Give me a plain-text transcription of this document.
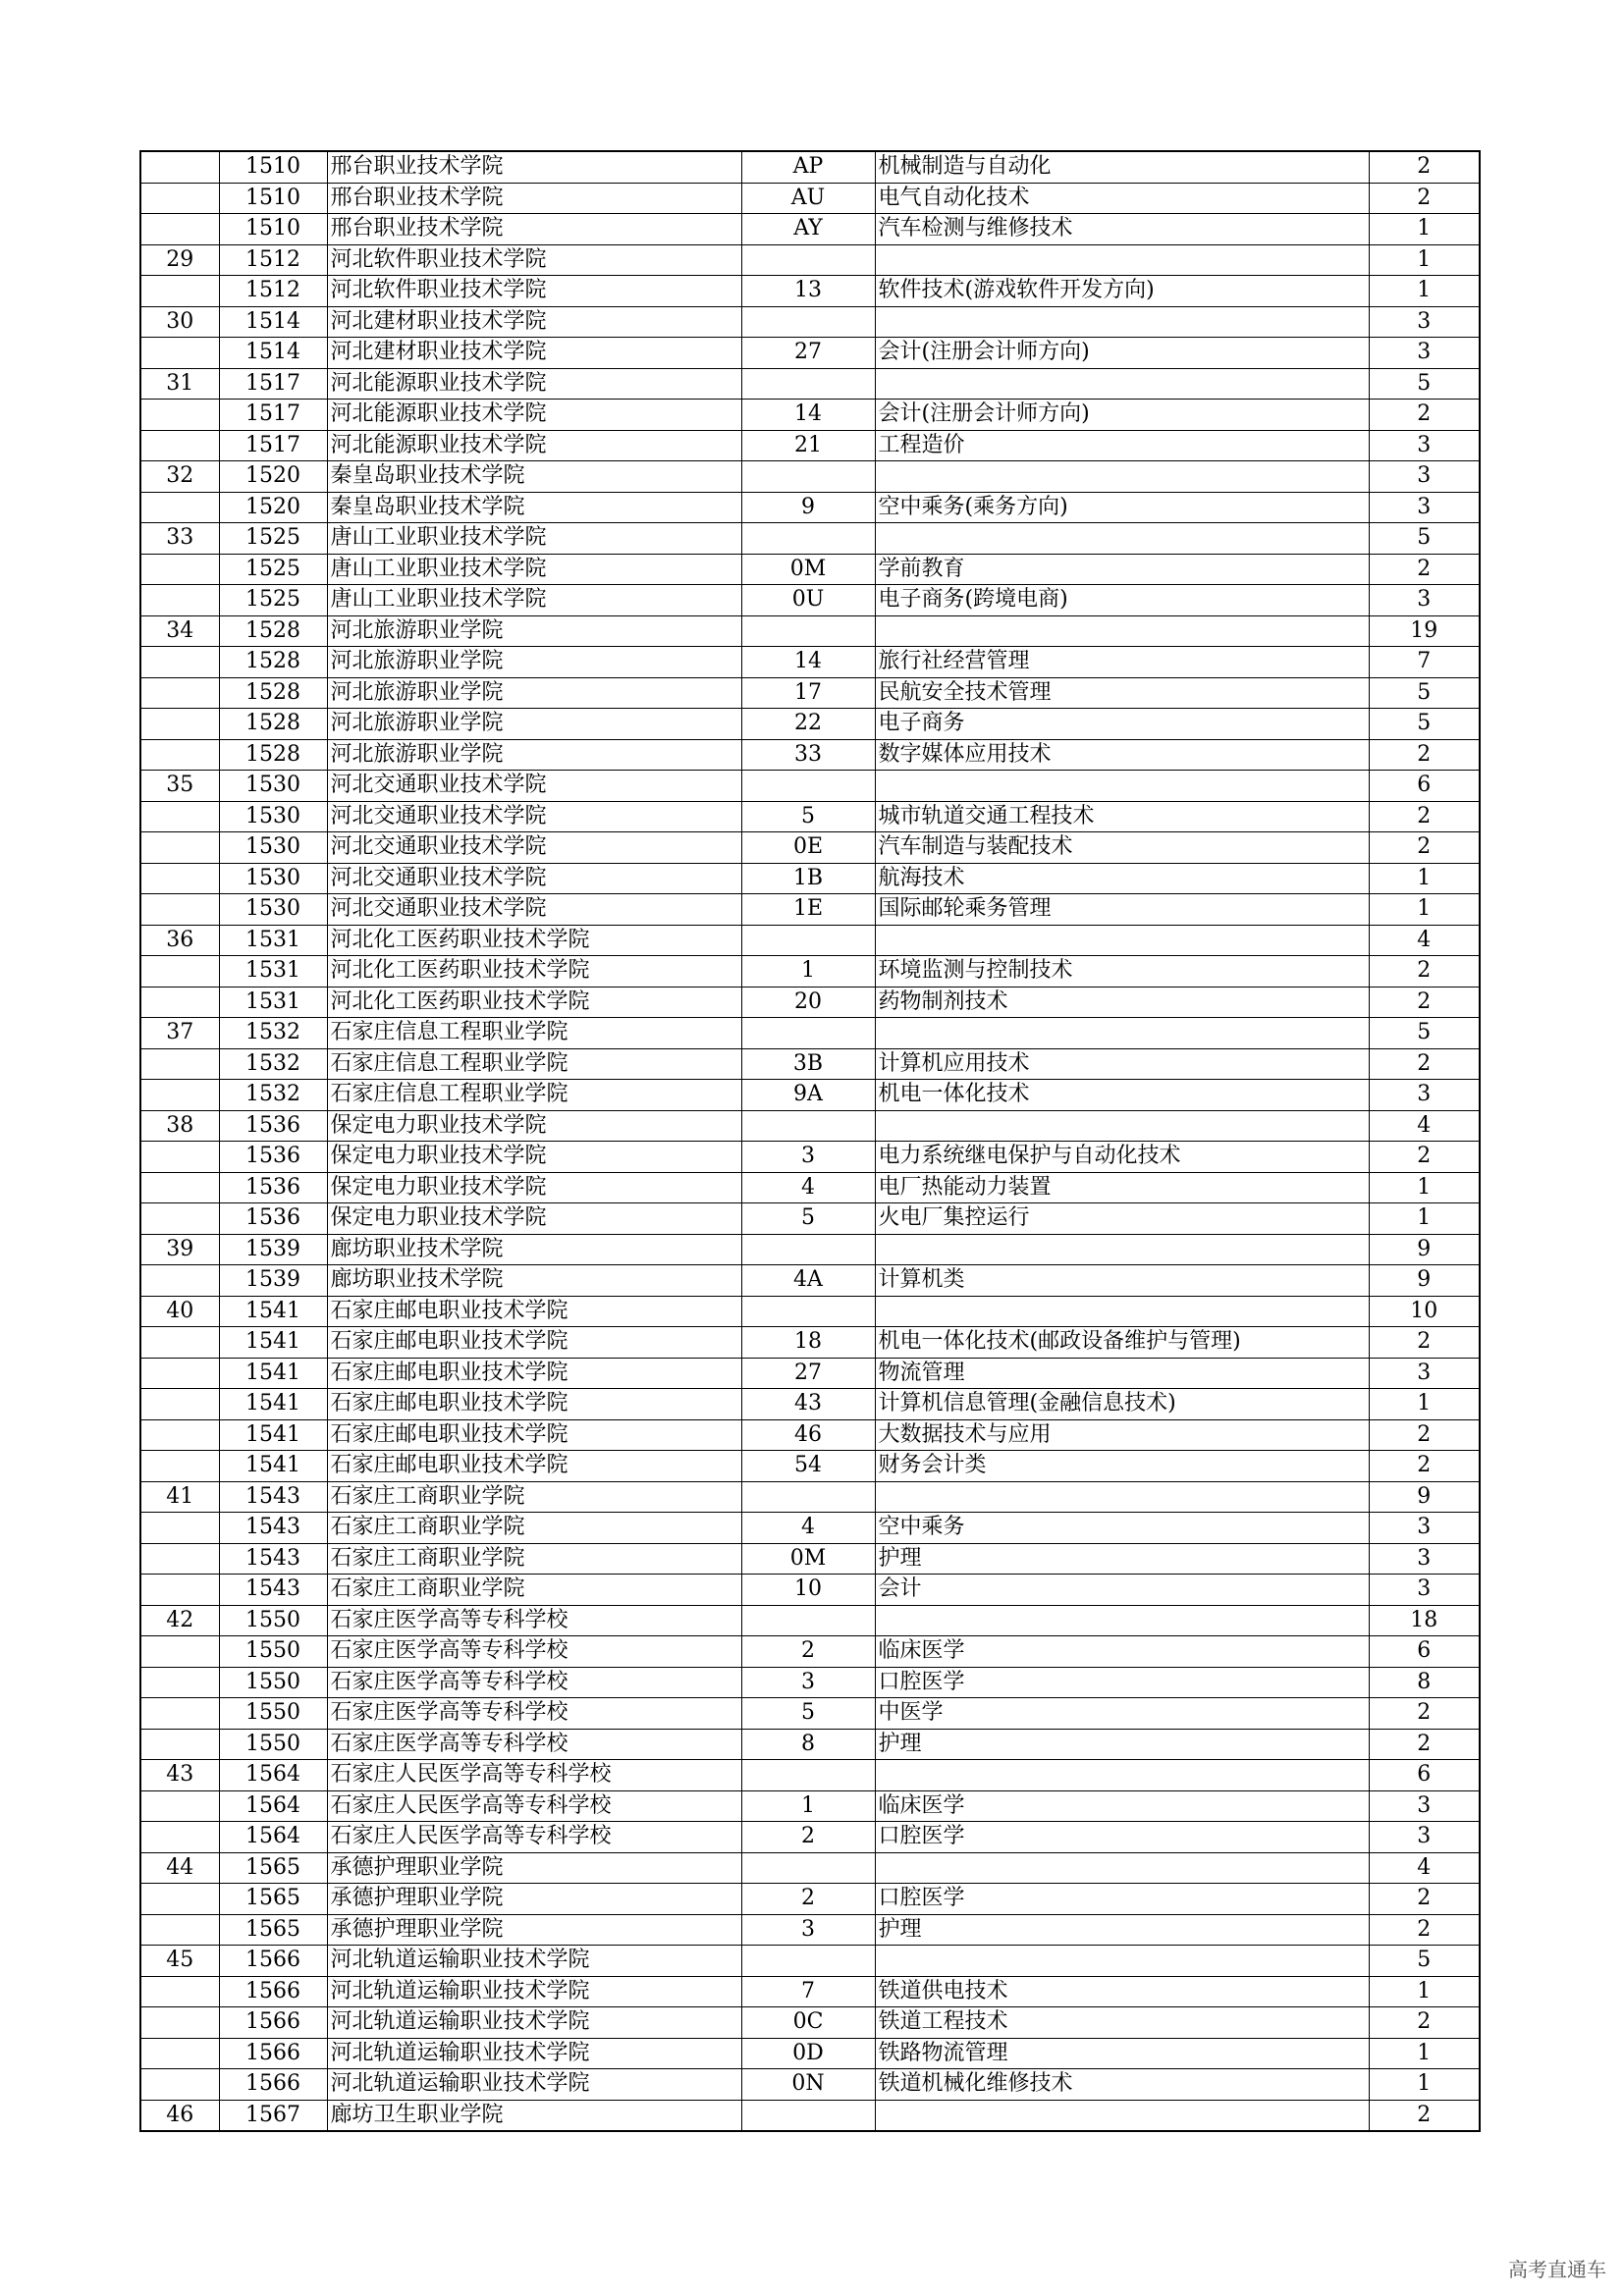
	1510	邢台职业技术学院	AP	机械制造与自动化	2
	1510	邢台职业技术学院	AU	电气自动化技术	2
	1510	邢台职业技术学院	AY	汽车检测与维修技术	1
29	1512	河北软件职业技术学院			1
	1512	河北软件职业技术学院	13	软件技术(游戏软件开发方向)	1
30	1514	河北建材职业技术学院			3
	1514	河北建材职业技术学院	27	会计(注册会计师方向)	3
31	1517	河北能源职业技术学院			5
	1517	河北能源职业技术学院	14	会计(注册会计师方向)	2
	1517	河北能源职业技术学院	21	工程造价	3
32	1520	秦皇岛职业技术学院			3
	1520	秦皇岛职业技术学院	9	空中乘务(乘务方向)	3
33	1525	唐山工业职业技术学院			5
	1525	唐山工业职业技术学院	0M	学前教育	2
	1525	唐山工业职业技术学院	0U	电子商务(跨境电商)	3
34	1528	河北旅游职业学院			19
	1528	河北旅游职业学院	14	旅行社经营管理	7
	1528	河北旅游职业学院	17	民航安全技术管理	5
	1528	河北旅游职业学院	22	电子商务	5
	1528	河北旅游职业学院	33	数字媒体应用技术	2
35	1530	河北交通职业技术学院			6
	1530	河北交通职业技术学院	5	城市轨道交通工程技术	2
	1530	河北交通职业技术学院	0E	汽车制造与装配技术	2
	1530	河北交通职业技术学院	1B	航海技术	1
	1530	河北交通职业技术学院	1E	国际邮轮乘务管理	1
36	1531	河北化工医药职业技术学院			4
	1531	河北化工医药职业技术学院	1	环境监测与控制技术	2
	1531	河北化工医药职业技术学院	20	药物制剂技术	2
37	1532	石家庄信息工程职业学院			5
	1532	石家庄信息工程职业学院	3B	计算机应用技术	2
	1532	石家庄信息工程职业学院	9A	机电一体化技术	3
38	1536	保定电力职业技术学院			4
	1536	保定电力职业技术学院	3	电力系统继电保护与自动化技术	2
	1536	保定电力职业技术学院	4	电厂热能动力装置	1
	1536	保定电力职业技术学院	5	火电厂集控运行	1
39	1539	廊坊职业技术学院			9
	1539	廊坊职业技术学院	4A	计算机类	9
40	1541	石家庄邮电职业技术学院			10
	1541	石家庄邮电职业技术学院	18	机电一体化技术(邮政设备维护与管理)	2
	1541	石家庄邮电职业技术学院	27	物流管理	3
	1541	石家庄邮电职业技术学院	43	计算机信息管理(金融信息技术)	1
	1541	石家庄邮电职业技术学院	46	大数据技术与应用	2
	1541	石家庄邮电职业技术学院	54	财务会计类	2
41	1543	石家庄工商职业学院			9
	1543	石家庄工商职业学院	4	空中乘务	3
	1543	石家庄工商职业学院	0M	护理	3
	1543	石家庄工商职业学院	10	会计	3
42	1550	石家庄医学高等专科学校			18
	1550	石家庄医学高等专科学校	2	临床医学	6
	1550	石家庄医学高等专科学校	3	口腔医学	8
	1550	石家庄医学高等专科学校	5	中医学	2
	1550	石家庄医学高等专科学校	8	护理	2
43	1564	石家庄人民医学高等专科学校			6
	1564	石家庄人民医学高等专科学校	1	临床医学	3
	1564	石家庄人民医学高等专科学校	2	口腔医学	3
44	1565	承德护理职业学院			4
	1565	承德护理职业学院	2	口腔医学	2
	1565	承德护理职业学院	3	护理	2
45	1566	河北轨道运输职业技术学院			5
	1566	河北轨道运输职业技术学院	7	铁道供电技术	1
	1566	河北轨道运输职业技术学院	0C	铁道工程技术	2
	1566	河北轨道运输职业技术学院	0D	铁路物流管理	1
	1566	河北轨道运输职业技术学院	0N	铁道机械化维修技术	1
46	1567	廊坊卫生职业学院			2
高考直通车
